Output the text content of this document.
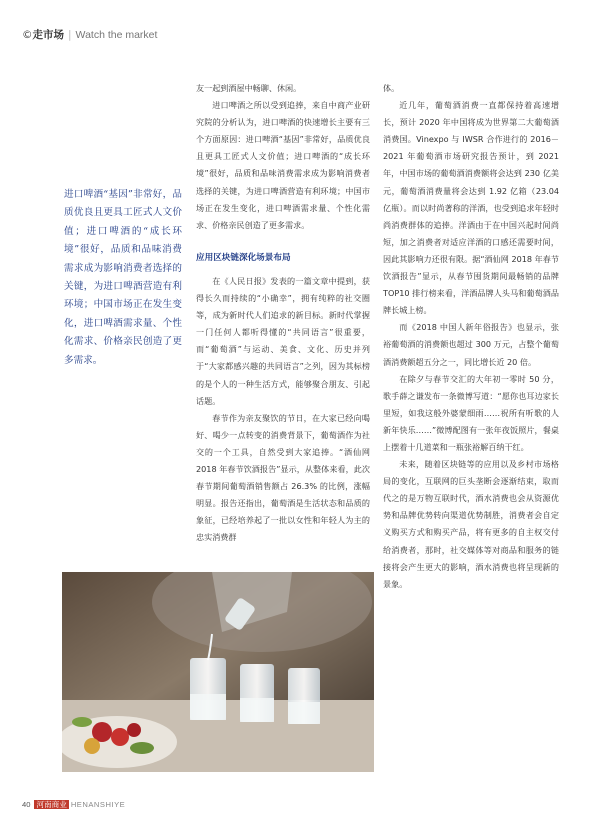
©走市场 | Watch the market
进口啤酒“基因”非常好，品质优良且更具工匠式人文价值；进口啤酒的“成长环境”很好，品质和品味消费需求成为影响消费者选择的关键，为进口啤酒营造有利环境；中国市场正在发生变化，进口啤酒需求量、个性化需求、价格亲民创造了更多需求。

友一起到酒屋中畅聊、休闲。

进口啤酒之所以受到追捧，来自中商产业研究院的分析认为，进口啤酒的快速增长主要有三个方面原因：进口啤酒“基因”非常好，品质优良且更具工匠式人文价值；进口啤酒的“成长环境”很好，品质和品味消费需求成为影响消费者选择的关键，为进口啤酒营造有利环境；中国市场正在发生变化，进口啤酒需求量、个性化需求、价格亲民创造了更多需求。

应用区块链深化场景布局

在《人民日报》发表的一篇文章中提到，获得长久而持续的“小确幸”，拥有纯粹的社交圈等，成为新时代人们追求的新目标。新时代掌握一门任何人都听得懂的“共同语言”很重要，而“葡萄酒”与运动、美食、文化、历史并列于“大家都感兴趣的共同语言”之列，因为其标榜的是个人的一种生活方式，能够聚合朋友、引起话题。

春节作为亲友聚饮的节日，在大家已经向喝好、喝少一点转变的消费背景下，葡萄酒作为社交的一个工具，自然受到大家追捧。“酒仙网 2018 年春节饮酒报告”显示，从整体来看，此次春节期间葡萄酒销售额占 26.3% 的比例，涨幅明显。报告还指出，葡萄酒是生活状态和品质的象征，已经培养起了一批以女性和年轻人为主的忠实消费群

体。

近几年，葡萄酒消费一直都保持着高速增长，预计 2020 年中国将成为世界第二大葡萄酒消费国。Vinexpo 与 IWSR 合作进行的 2016－2021 年葡萄酒市场研究报告预计，到 2021 年，中国市场的葡萄酒消费额将会达到 230 亿美元，葡萄酒消费量将会达到 1.92 亿箱（23.04 亿瓶）。而以时尚著称的洋酒，也受到追求年轻时尚消费群体的追捧。洋酒由于在中国兴起时间尚短，加之消费者对适应洋酒的口感还需要时间，因此其影响力还很有限。据“酒仙网 2018 年春节饮酒报告”显示，从春节囤货期间最畅销的品牌 TOP10 排行榜来看，洋酒品牌人头马和葡萄酒品牌长城上榜。

而《2018 中国人新年俗报告》也显示，张裕葡萄酒的消费额也超过 300 万元，占整个葡萄酒消费额超五分之一，同比增长近 20 倍。

在除夕与春节交汇的大年初一零时 50 分，歌手薛之谦发布一条微博写道：“愿你也耳边家长里短，如我这般外婆蒙细雨……祝所有听歌的人新年快乐……”微博配图有一张年夜饭照片，餐桌上摆着十几道菜和一瓶张裕解百纳干红。

未来，随着区块链等的应用以及乡村市场格局的变化，互联网的巨头垄断会逐渐结束，取而代之的是万物互联时代，酒水消费也会从资源优势和品牌优势转向渠道优势制胜，消费者会自定义购买方式和购买产品，将有更多的自主权交付给消费者，那时，社交媒体等对商品和服务的链接将会产生更大的影响，酒水消费也将呈现新的景象。

40 河南商业 HENANSHIYE
